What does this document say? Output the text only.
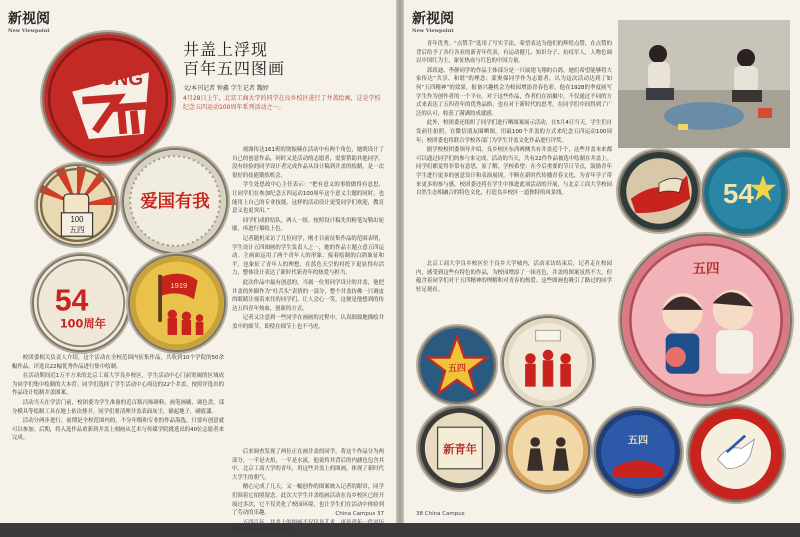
新视阅
New Viewpoint
YOUNG
井盖上浮现
百年五四图画
文/本刊记者 钟鑫 学生记者 魏婷
4月28日上午，北京工商大学的同学在良乡校区进行了井盖绘画，这是学校纪念五四运动100周年系列活动之一。
100
五四
爱国有我
54
100周年
1919

视图传达161班的饶振楠在活动中有两个角色，她既设计了自己的创意作品，同时又是活动的志愿者，需要帮助其他同学。没有经验的同学设计者完成作品从设计稿到井盖的绘制，是一次很好的技能锻炼机会。

学生处思政中心主任表示：“把有意义的事情做得有意思，让同学们在参加纪念五四运动100周年这个意义主题的同时，也能用上自己的专业技能，这样的活动设计更受同学们欢迎，教育意义也更突出。”

同学们成群结队，两人一组，按照设计稿先用粉笔勾勒出轮廓，再进行描绘上色。

记者随机采访了几位同学，刚才目前征集作品的范围表明，学生设计五四图画的学生负责人之一，她的作品主题立意五四运动。主画面运用了两个青年人的形象，接着绘制的白鸽象征和平，也象征了青年人的理想，在蓝色天空的衬托下更显得有活力，整体设计表达了新时代新青年的热爱与担当。

此次作品中最有创意的，当属一位男同学设计的井盖，他把井盖的外圈作为“吐舌头”表情的一部分，整个井盖仿佛一只调皮的眼睛注视着来往的同学们，让人会心一笑，这便是他想到的传达五四青年热血，创新的方式。

记者又注意到一些同学在画画的过程中，认真细致地描绘井盖中的细节，即使在细节上也不马虎。

校团委相关负责人介绍，这个活动在全校范围内征集作品，共收到10个学院的50余幅作品，评选出22幅优秀作品进行集中绘制。

在活动期间近1万平方米的北京工商大学良乡校区，学生活动中心门前宽阔的区域成为同学们集中绘制的大本营。同学们选择了学生活动中心周边的22个井盖，按照评选出的作品设计绘制井盖图案。

活动当天在学活门前，校团委为学生准备的近百瓶丙烯颜料、画笔画刷、调色盘，部分模具等绘制工具在地上依次排开。同学们要清理井盖表面灰尘，铺起地子，刷底漆。

活动分两步进行，前期是全校范围内的，不分年级和专业的作品海选，只要有创意就可以参加。后期，将入选作品重新到井盖上刻画从艺术与传媒学院挑选出的40位志愿者来完成。

后来调查发现了两位正在画井盖的同学，将这个作品分为两部分，一半是火焰，一半是水流，他说将其背后的内涵也包含其中。北京工商大学的青年，用这些井盖上的图画，体现了新时代大学生的朝气。

精心完成了几天，又一幅创作的图案映入记者的眼帘，同学们围着它拍照留念。此次大学生井盖绘画活动在良乡校区已经开展过多次，它不仅美化了校园环境，也让学生们在活动中体验到了劳动的乐趣。

五四百年，井盖上的图画不仅仅是艺术，更是青年一代对历史的回望与对未来的期许。

China Campus 37
新视阅
New Viewpoint

青年优秀。“点赞手”选用了写实手法，希望表达为他们的辉煌点赞，在点赞的背后给予了各行各业的新青年代表，有运动健儿、知识分子、抗疫军人，人物色调以中国红为主，象征热血与红色的中国力量。

郭玖迪、李静同学的作品主体部分是一只展翅飞翔的白鸽，她们希望能够将大家传达“共享、和谐”的理念；蒙奥保同学作为志愿者，认为这次活动达到了如何“五四精神”的效果，报备兴趣机会为校园增添青春色彩，他在1928的季度画写学生作为创作者的一个平台。对于这些作品，作者们在拍摄中，不仅通过不同的方式来表达了五四青年的优秀品格，也有对于新时代的思考，在同学们中间得到了广泛的认可，收获了满满的成就感。

此外，校团委还组织了同学们进行晒图案展示活动，在5月4日当天，学生们自发前往拍照，在微信朋友圈晒图，用最100个井盖的方式来纪念五四运动100周年；校团委也将联合学校各部门为学生井盖文化作品进行评奖。

据学校校团委领导介绍，良乡校区东西两侧共有井盖近千个，这些井盖本来都可以通过同学们的参与来完成。活动的当天，共有22件作品被选中绘制在井盖上。同学们都觉得非常有意思，原了解，学校希望：在今后重要的节日节点，鼓励青年学生进行更多的创意设计和表演展现，不断在新时代传播青春文化，为青年学子带来更多的参与感，校团委还将在学生中推进此项活动的开展，与北京工商大学校园自然生态相融合的特色文化，打造良乡校区一道独特的风景线。	54

北京工商大学良乡校区位于良乡大学城内，活动采访结束后，记者走在校园内，感受到这些有特色的作品，为校园增添了一抹亮色，井盖的图案虽然不大，但蕴含着同学们对于五四精神的理解和对青春的热爱。这些图画也吸引了路过的同学驻足观看。

五四
五四
新青年
五四
YOUTH
38 China Campus
